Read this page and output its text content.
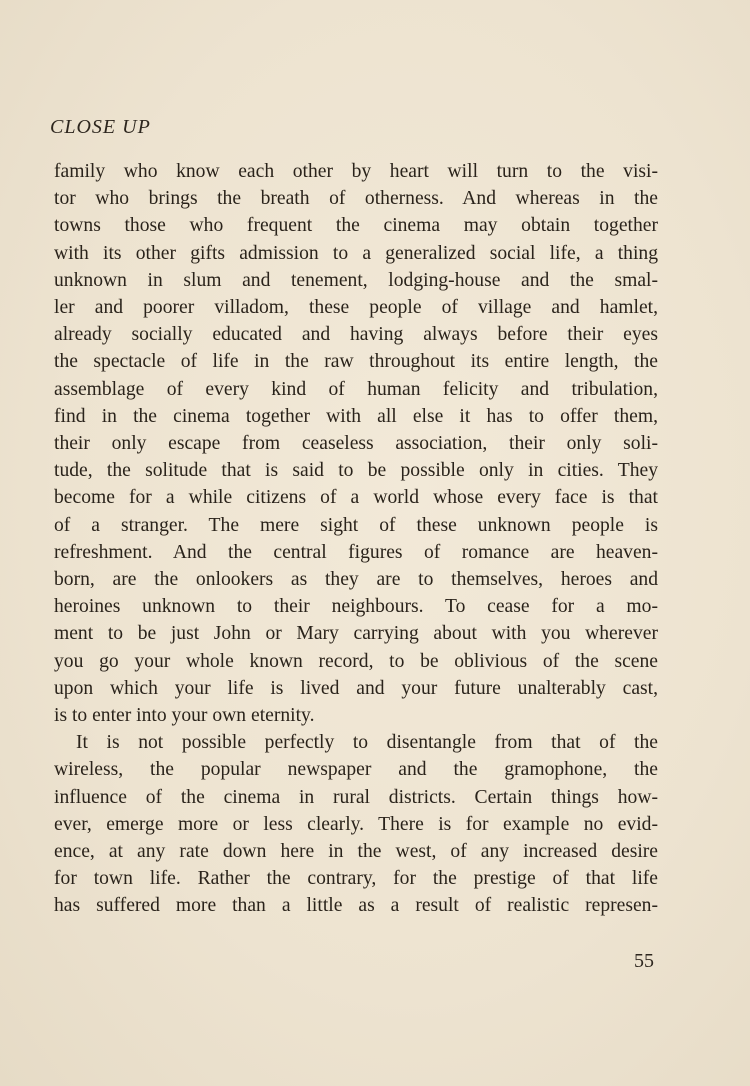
CLOSE UP
family who know each other by heart will turn to the visi-
tor who brings the breath of otherness. And whereas in the
towns those who frequent the cinema may obtain together
with its other gifts admission to a generalized social life, a thing
unknown in slum and tenement, lodging-house and the smal-
ler and poorer villadom, these people of village and hamlet,
already socially educated and having always before their eyes
the spectacle of life in the raw throughout its entire length, the
assemblage of every kind of human felicity and tribulation,
find in the cinema together with all else it has to offer them,
their only escape from ceaseless association, their only soli-
tude, the solitude that is said to be possible only in cities. They
become for a while citizens of a world whose every face is that
of a stranger. The mere sight of these unknown people is
refreshment. And the central figures of romance are heaven-
born, are the onlookers as they are to themselves, heroes and
heroines unknown to their neighbours. To cease for a mo-
ment to be just John or Mary carrying about with you wherever
you go your whole known record, to be oblivious of the scene
upon which your life is lived and your future unalterably cast,
is to enter into your own eternity.
It is not possible perfectly to disentangle from that of the
wireless, the popular newspaper and the gramophone, the
influence of the cinema in rural districts. Certain things how-
ever, emerge more or less clearly. There is for example no evid-
ence, at any rate down here in the west, of any increased desire
for town life. Rather the contrary, for the prestige of that life
has suffered more than a little as a result of realistic represen-
55
